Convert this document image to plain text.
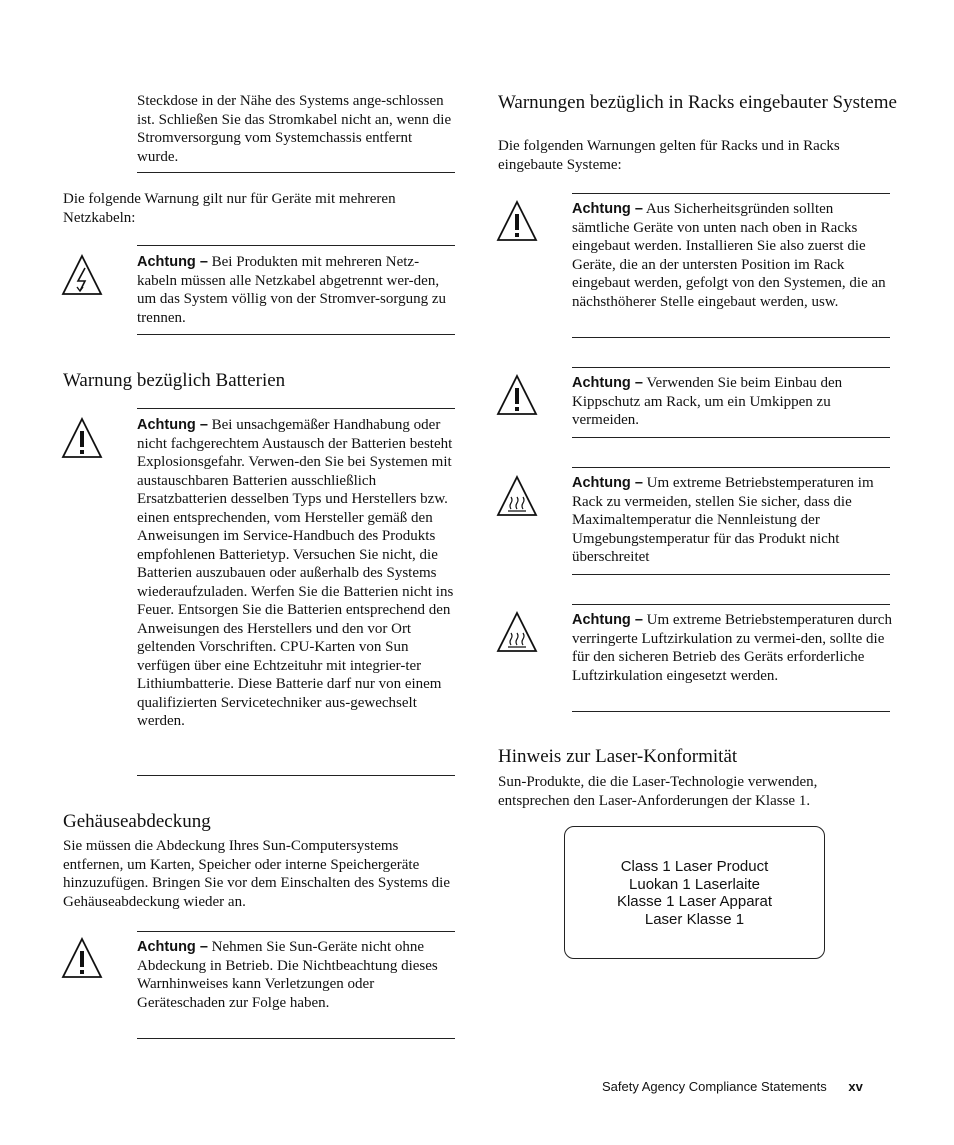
Steckdose in der Nähe des Systems ange-schlossen ist. Schließen Sie das Stromkabel nicht an, wenn die Stromversorgung vom Systemchassis entfernt wurde.

Die folgende Warnung gilt nur für Geräte mit mehreren Netzkabeln:

Achtung – Bei Produkten mit mehreren Netz-kabeln müssen alle Netzkabel abgetrennt wer-den, um das System völlig von der Stromver-sorgung zu trennen.
Warnung bezüglich Batterien
Achtung – Bei unsachgemäßer Handhabung oder nicht fachgerechtem Austausch der Batterien besteht Explosionsgefahr. Verwen-den Sie bei Systemen mit austauschbaren Batterien ausschließlich Ersatzbatterien desselben Typs und Herstellers bzw. einen entsprechenden, vom Hersteller gemäß den Anweisungen im Service-Handbuch des Produkts empfohlenen Batterietyp. Versuchen Sie nicht, die Batterien auszubauen oder außerhalb des Systems wiederaufzuladen. Werfen Sie die Batterien nicht ins Feuer. Entsorgen Sie die Batterien entsprechend den Anweisungen des Herstellers und den vor Ort geltenden Vorschriften. CPU-Karten von Sun verfügen über eine Echtzeituhr mit integrier-ter Lithiumbatterie. Diese Batterie darf nur von einem qualifizierten Servicetechniker aus-gewechselt werden.
Gehäuseabdeckung

Sie müssen die Abdeckung Ihres Sun-Computersystems entfernen, um Karten, Speicher oder interne Speichergeräte hinzuzufügen. Bringen Sie vor dem Einschalten des Systems die Gehäuseabdeckung wieder an.

Achtung – Nehmen Sie Sun-Geräte nicht ohne Abdeckung in Betrieb. Die Nichtbeachtung dieses Warnhinweises kann Verletzungen oder Geräteschaden zur Folge haben.
Warnungen bezüglich in Racks eingebauter Systeme

Die folgenden Warnungen gelten für Racks und in Racks eingebaute Systeme:

Achtung – Aus Sicherheitsgründen sollten sämtliche Geräte von unten nach oben in Racks eingebaut werden. Installieren Sie also zuerst die Geräte, die an der untersten Position im Rack eingebaut werden, gefolgt von den Systemen, die an nächsthöherer Stelle eingebaut werden, usw.
Achtung – Verwenden Sie beim Einbau den Kippschutz am Rack, um ein Umkippen zu vermeiden.
Achtung – Um extreme Betriebstemperaturen im Rack zu vermeiden, stellen Sie sicher, dass die Maximaltemperatur die Nennleistung der Umgebungstemperatur für das Produkt nicht überschreitet
Achtung – Um extreme Betriebstemperaturen durch verringerte Luftzirkulation zu vermei-den, sollte die für den sicheren Betrieb des Geräts erforderliche Luftzirkulation eingesetzt werden.
Hinweis zur Laser-Konformität

Sun-Produkte, die die Laser-Technologie verwenden, entsprechen den Laser-Anforderungen der Klasse 1.

Class 1 Laser Product
Luokan 1 Laserlaite
Klasse 1 Laser Apparat
Laser Klasse 1
Safety Agency Compliance Statements xv
